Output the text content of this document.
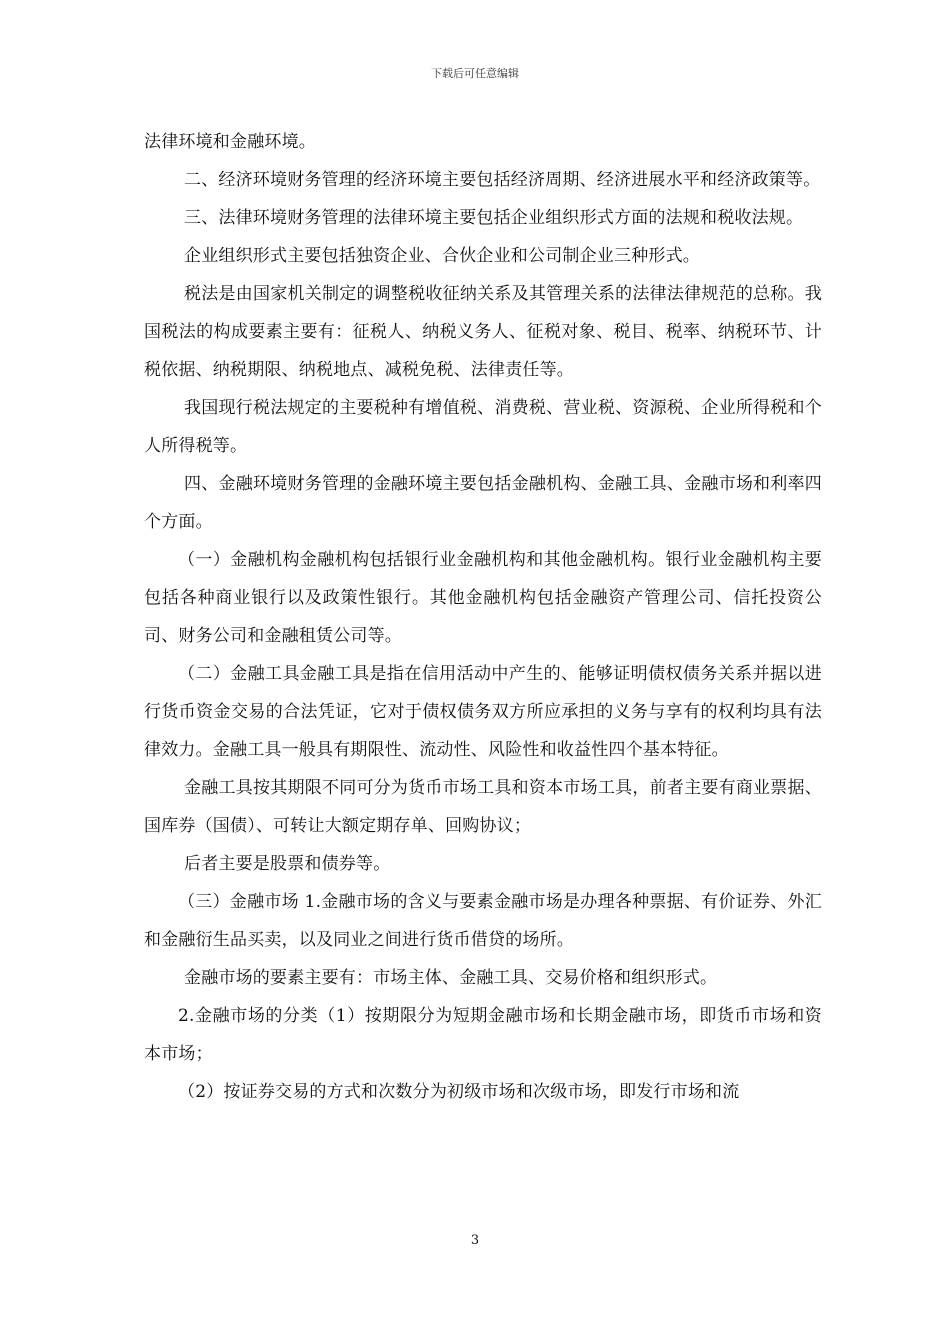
下载后可任意编辑

法律环境和金融环境。

二、经济环境财务管理的经济环境主要包括经济周期、经济进展水平和经济政策等。

三、法律环境财务管理的法律环境主要包括企业组织形式方面的法规和税收法规。

企业组织形式主要包括独资企业、合伙企业和公司制企业三种形式。

税法是由国家机关制定的调整税收征纳关系及其管理关系的法律法律规范的总称。我国税法的构成要素主要有：征税人、纳税义务人、征税对象、税目、税率、纳税环节、计税依据、纳税期限、纳税地点、减税免税、法律责任等。

我国现行税法规定的主要税种有增值税、消费税、营业税、资源税、企业所得税和个人所得税等。

四、金融环境财务管理的金融环境主要包括金融机构、金融工具、金融市场和利率四个方面。

（一）金融机构金融机构包括银行业金融机构和其他金融机构。银行业金融机构主要包括各种商业银行以及政策性银行。其他金融机构包括金融资产管理公司、信托投资公司、财务公司和金融租赁公司等。

（二）金融工具金融工具是指在信用活动中产生的、能够证明债权债务关系并据以进行货币资金交易的合法凭证，它对于债权债务双方所应承担的义务与享有的权利均具有法律效力。金融工具一般具有期限性、流动性、风险性和收益性四个基本特征。

金融工具按其期限不同可分为货币市场工具和资本市场工具，前者主要有商业票据、国库券（国债）、可转让大额定期存单、回购协议；

后者主要是股票和债券等。

（三）金融市场 1.金融市场的含义与要素金融市场是办理各种票据、有价证券、外汇和金融衍生品买卖，以及同业之间进行货币借贷的场所。

金融市场的要素主要有：市场主体、金融工具、交易价格和组织形式。

2.金融市场的分类（1）按期限分为短期金融市场和长期金融市场，即货币市场和资本市场；

（2）按证券交易的方式和次数分为初级市场和次级市场，即发行市场和流

3
